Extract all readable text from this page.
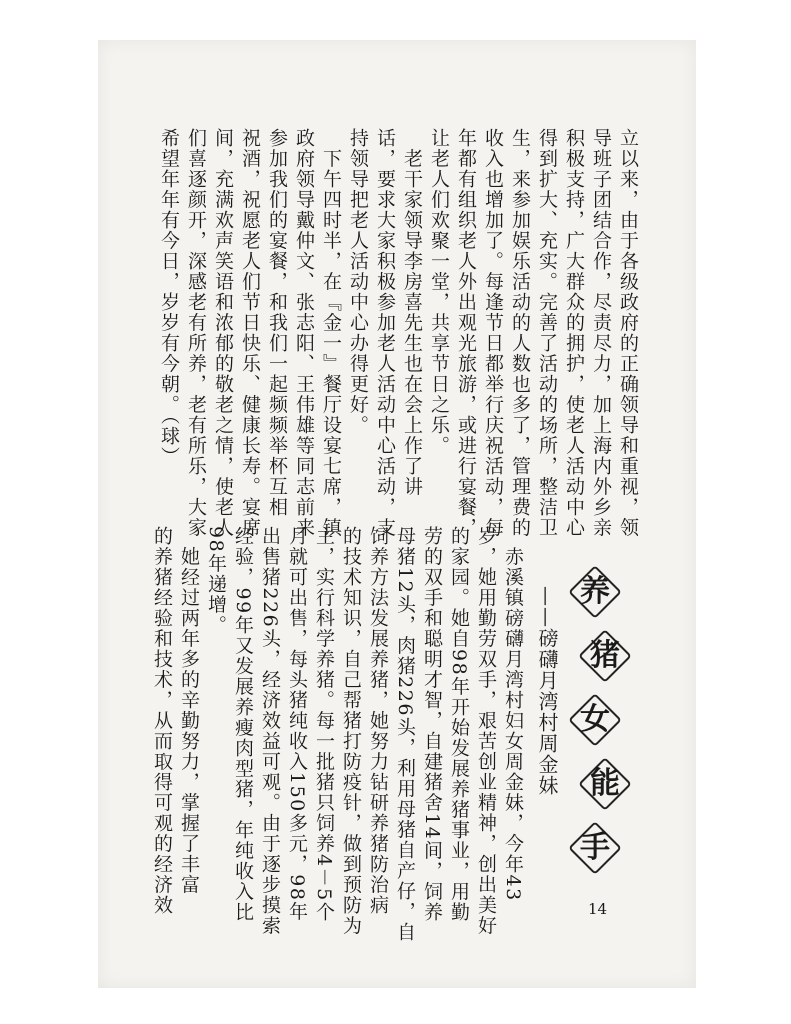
立以来，由于各级政府的正确领导和重视，领
导班子团结合作，尽责尽力，加上海内外乡亲
积极支持，广大群众的拥护，使老人活动中心
得到扩大、充实。完善了活动的场所，整洁卫
生，来参加娱乐活动的人数也多了，管理费的
收入也增加了。每逢节日都举行庆祝活动，每
年都有组织老人外出观光旅游，或进行宴餐，
让老人们欢聚一堂，共享节日之乐。
　老干家领导李房喜先生也在会上作了讲
话，要求大家积极参加老人活动中心活动，支
持领导把老人活动中心办得更好。
　下午四时半，在『金一』餐厅设宴七席，镇
政府领导戴仲文、张志阳、王伟雄等同志前来
参加我们的宴餐，和我们一起频频举杯互相
祝酒，祝愿老人们节日快乐、健康长寿。宴席
间，充满欢声笑语和浓郁的敬老之情，使老人
们喜逐颜开，深感老有所养，老有所乐，大家
希望年年有今日，岁岁有今朝。（球）
养
猪
女
能
手
——磅礴月湾村周金妹
　赤溪镇磅礴月湾村妇女周金妹，今年43
岁，她用勤劳双手，艰苦创业精神，创出美好
的家园。她自98年开始发展养猪事业，用勤
劳的双手和聪明才智，自建猪舍14间，饲养
母猪12头，肉猪226头，利用母猪自产仔，自
饲养方法发展养猪，她努力钻研养猪防治病
的技术知识，自己帮猪打防疫针，做到预防为
主，实行科学养猪。每一批猪只饲养4－5个
月就可出售，每头猪纯收入150多元，98年
出售猪226头，经济效益可观。由于逐步摸索
经验，99年又发展养瘦肉型猪，年纯收入比
98年递增。
　她经过两年多的辛勤努力，掌握了丰富
的养猪经验和技术，从而取得可观的经济效	14
